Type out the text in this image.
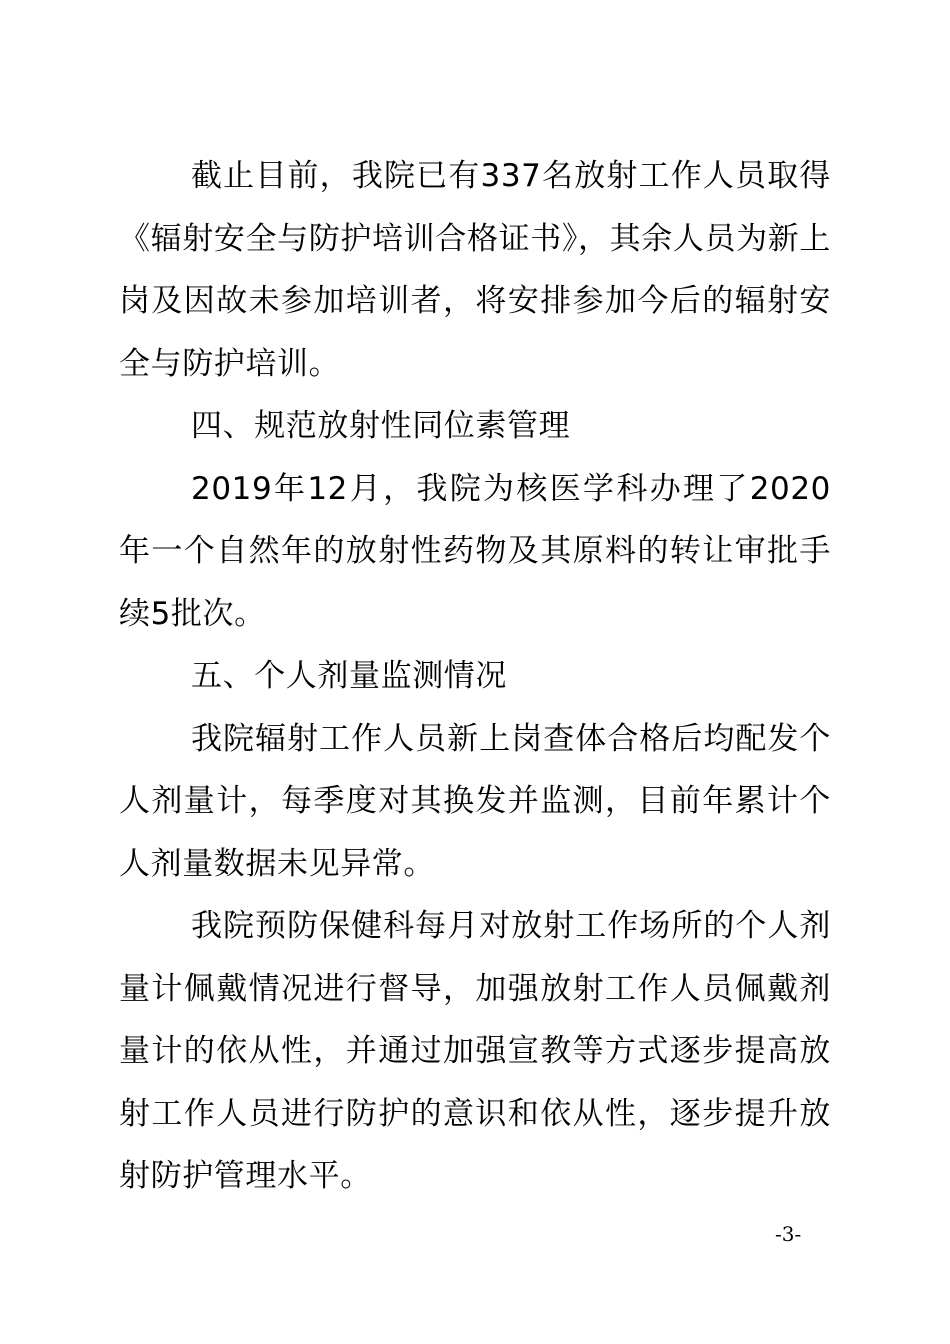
截止目前，我院已有337名放射工作人员取得《辐射安全与防护培训合格证书》，其余人员为新上岗及因故未参加培训者，将安排参加今后的辐射安全与防护培训。

四、规范放射性同位素管理

2019年12月，我院为核医学科办理了2020年一个自然年的放射性药物及其原料的转让审批手续5批次。

五、个人剂量监测情况

我院辐射工作人员新上岗查体合格后均配发个人剂量计，每季度对其换发并监测，目前年累计个人剂量数据未见异常。

我院预防保健科每月对放射工作场所的个人剂量计佩戴情况进行督导，加强放射工作人员佩戴剂量计的依从性，并通过加强宣教等方式逐步提高放射工作人员进行防护的意识和依从性，逐步提升放射防护管理水平。

-3-
